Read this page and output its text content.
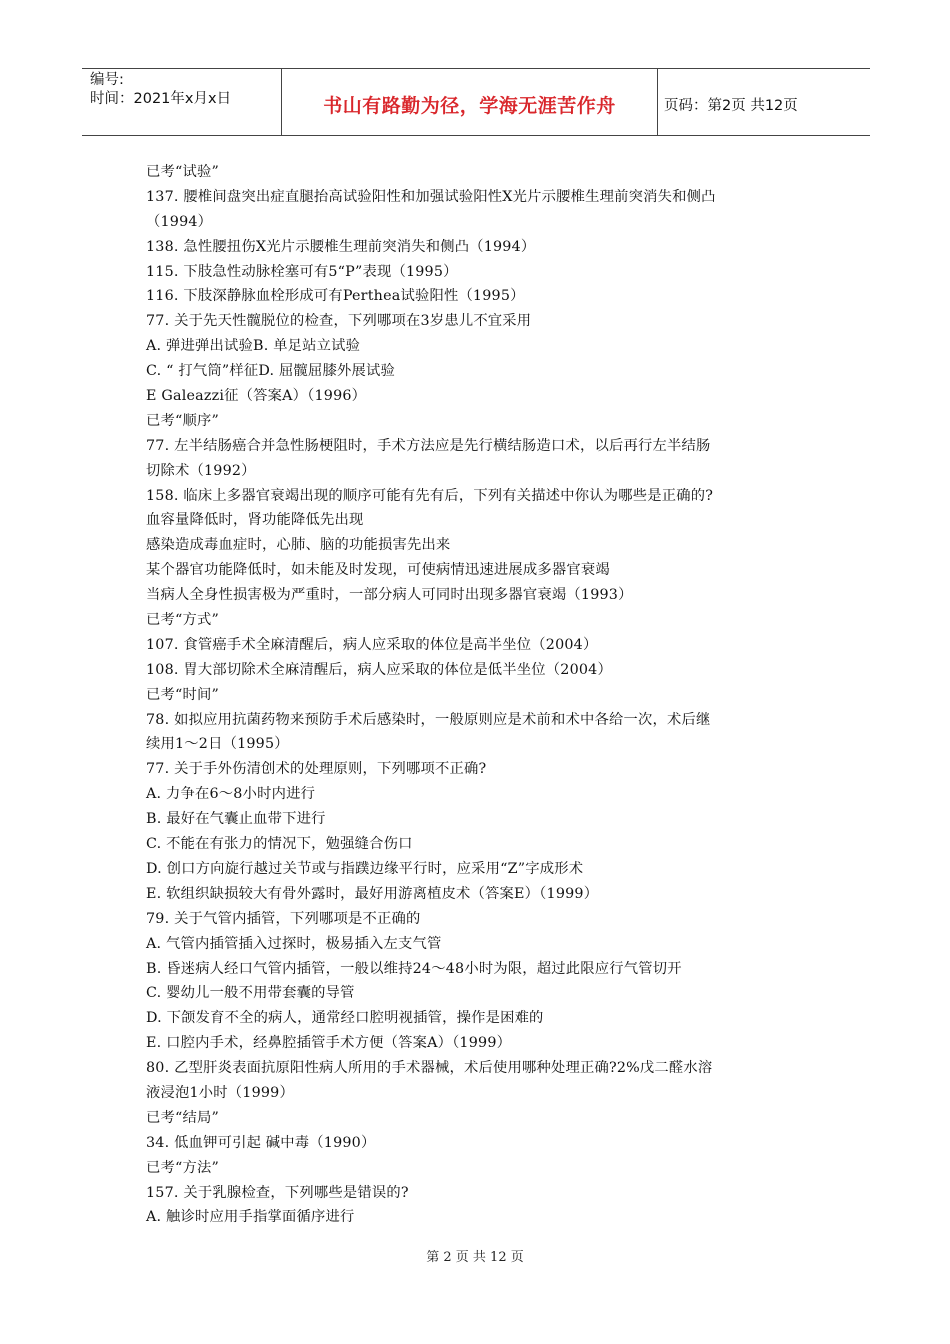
编号:
时间：2021年x月x日	书山有路勤为径，学海无涯苦作舟	页码：第2页 共12页
已考“试验”
137. 腰椎间盘突出症直腿抬高试验阳性和加强试验阳性X光片示腰椎生理前突消失和侧凸
（1994）
138. 急性腰扭伤X光片示腰椎生理前突消失和侧凸（1994）
115. 下肢急性动脉栓塞可有5“P”表现（1995）
116. 下肢深静脉血栓形成可有Perthea试验阳性（1995）
77. 关于先天性髋脱位的检查，下列哪项在3岁患儿不宜采用
A. 弹进弹出试验B. 单足站立试验
C. “ 打气筒”样征D. 屈髋屈膝外展试验
E Galeazzi征（答案A）（1996）
已考“顺序”
77. 左半结肠癌合并急性肠梗阻时，手术方法应是先行横结肠造口术，以后再行左半结肠
切除术（1992）
158. 临床上多器官衰竭出现的顺序可能有先有后，下列有关描述中你认为哪些是正确的?
血容量降低时，肾功能降低先出现
感染造成毒血症时，心肺、脑的功能损害先出来
某个器官功能降低时，如未能及时发现，可使病情迅速进展成多器官衰竭
当病人全身性损害极为严重时，一部分病人可同时出现多器官衰竭（1993）
已考“方式”
107. 食管癌手术全麻清醒后，病人应采取的体位是高半坐位（2004）
108. 胃大部切除术全麻清醒后，病人应采取的体位是低半坐位（2004）
已考“时间”
78. 如拟应用抗菌药物来预防手术后感染时，一般原则应是术前和术中各给一次，术后继
续用1～2日（1995）
77. 关于手外伤清创术的处理原则，下列哪项不正确?
A. 力争在6～8小时内进行
B. 最好在气囊止血带下进行
C. 不能在有张力的情况下，勉强缝合伤口
D. 创口方向旋行越过关节或与指蹼边缘平行时，应采用“Z”字成形术
E. 软组织缺损较大有骨外露时，最好用游离植皮术（答案E）（1999）
79. 关于气管内插管，下列哪项是不正确的
A. 气管内插管插入过探时，极易插入左支气管
B. 昏迷病人经口气管内插管，一般以维持24～48小时为限，超过此限应行气管切开
C. 婴幼儿一般不用带套囊的导管
D. 下颌发育不全的病人，通常经口腔明视插管，操作是困难的
E. 口腔内手术，经鼻腔插管手术方便（答案A）（1999）
80. 乙型肝炎表面抗原阳性病人所用的手术器械，术后使用哪种处理正确?2%戊二醛水溶
液浸泡1小时（1999）
已考“结局”
34. 低血钾可引起 碱中毒（1990）
已考“方法”
157. 关于乳腺检查，下列哪些是错误的?
A. 触诊时应用手指掌面循序进行
第 2 页 共 12 页
